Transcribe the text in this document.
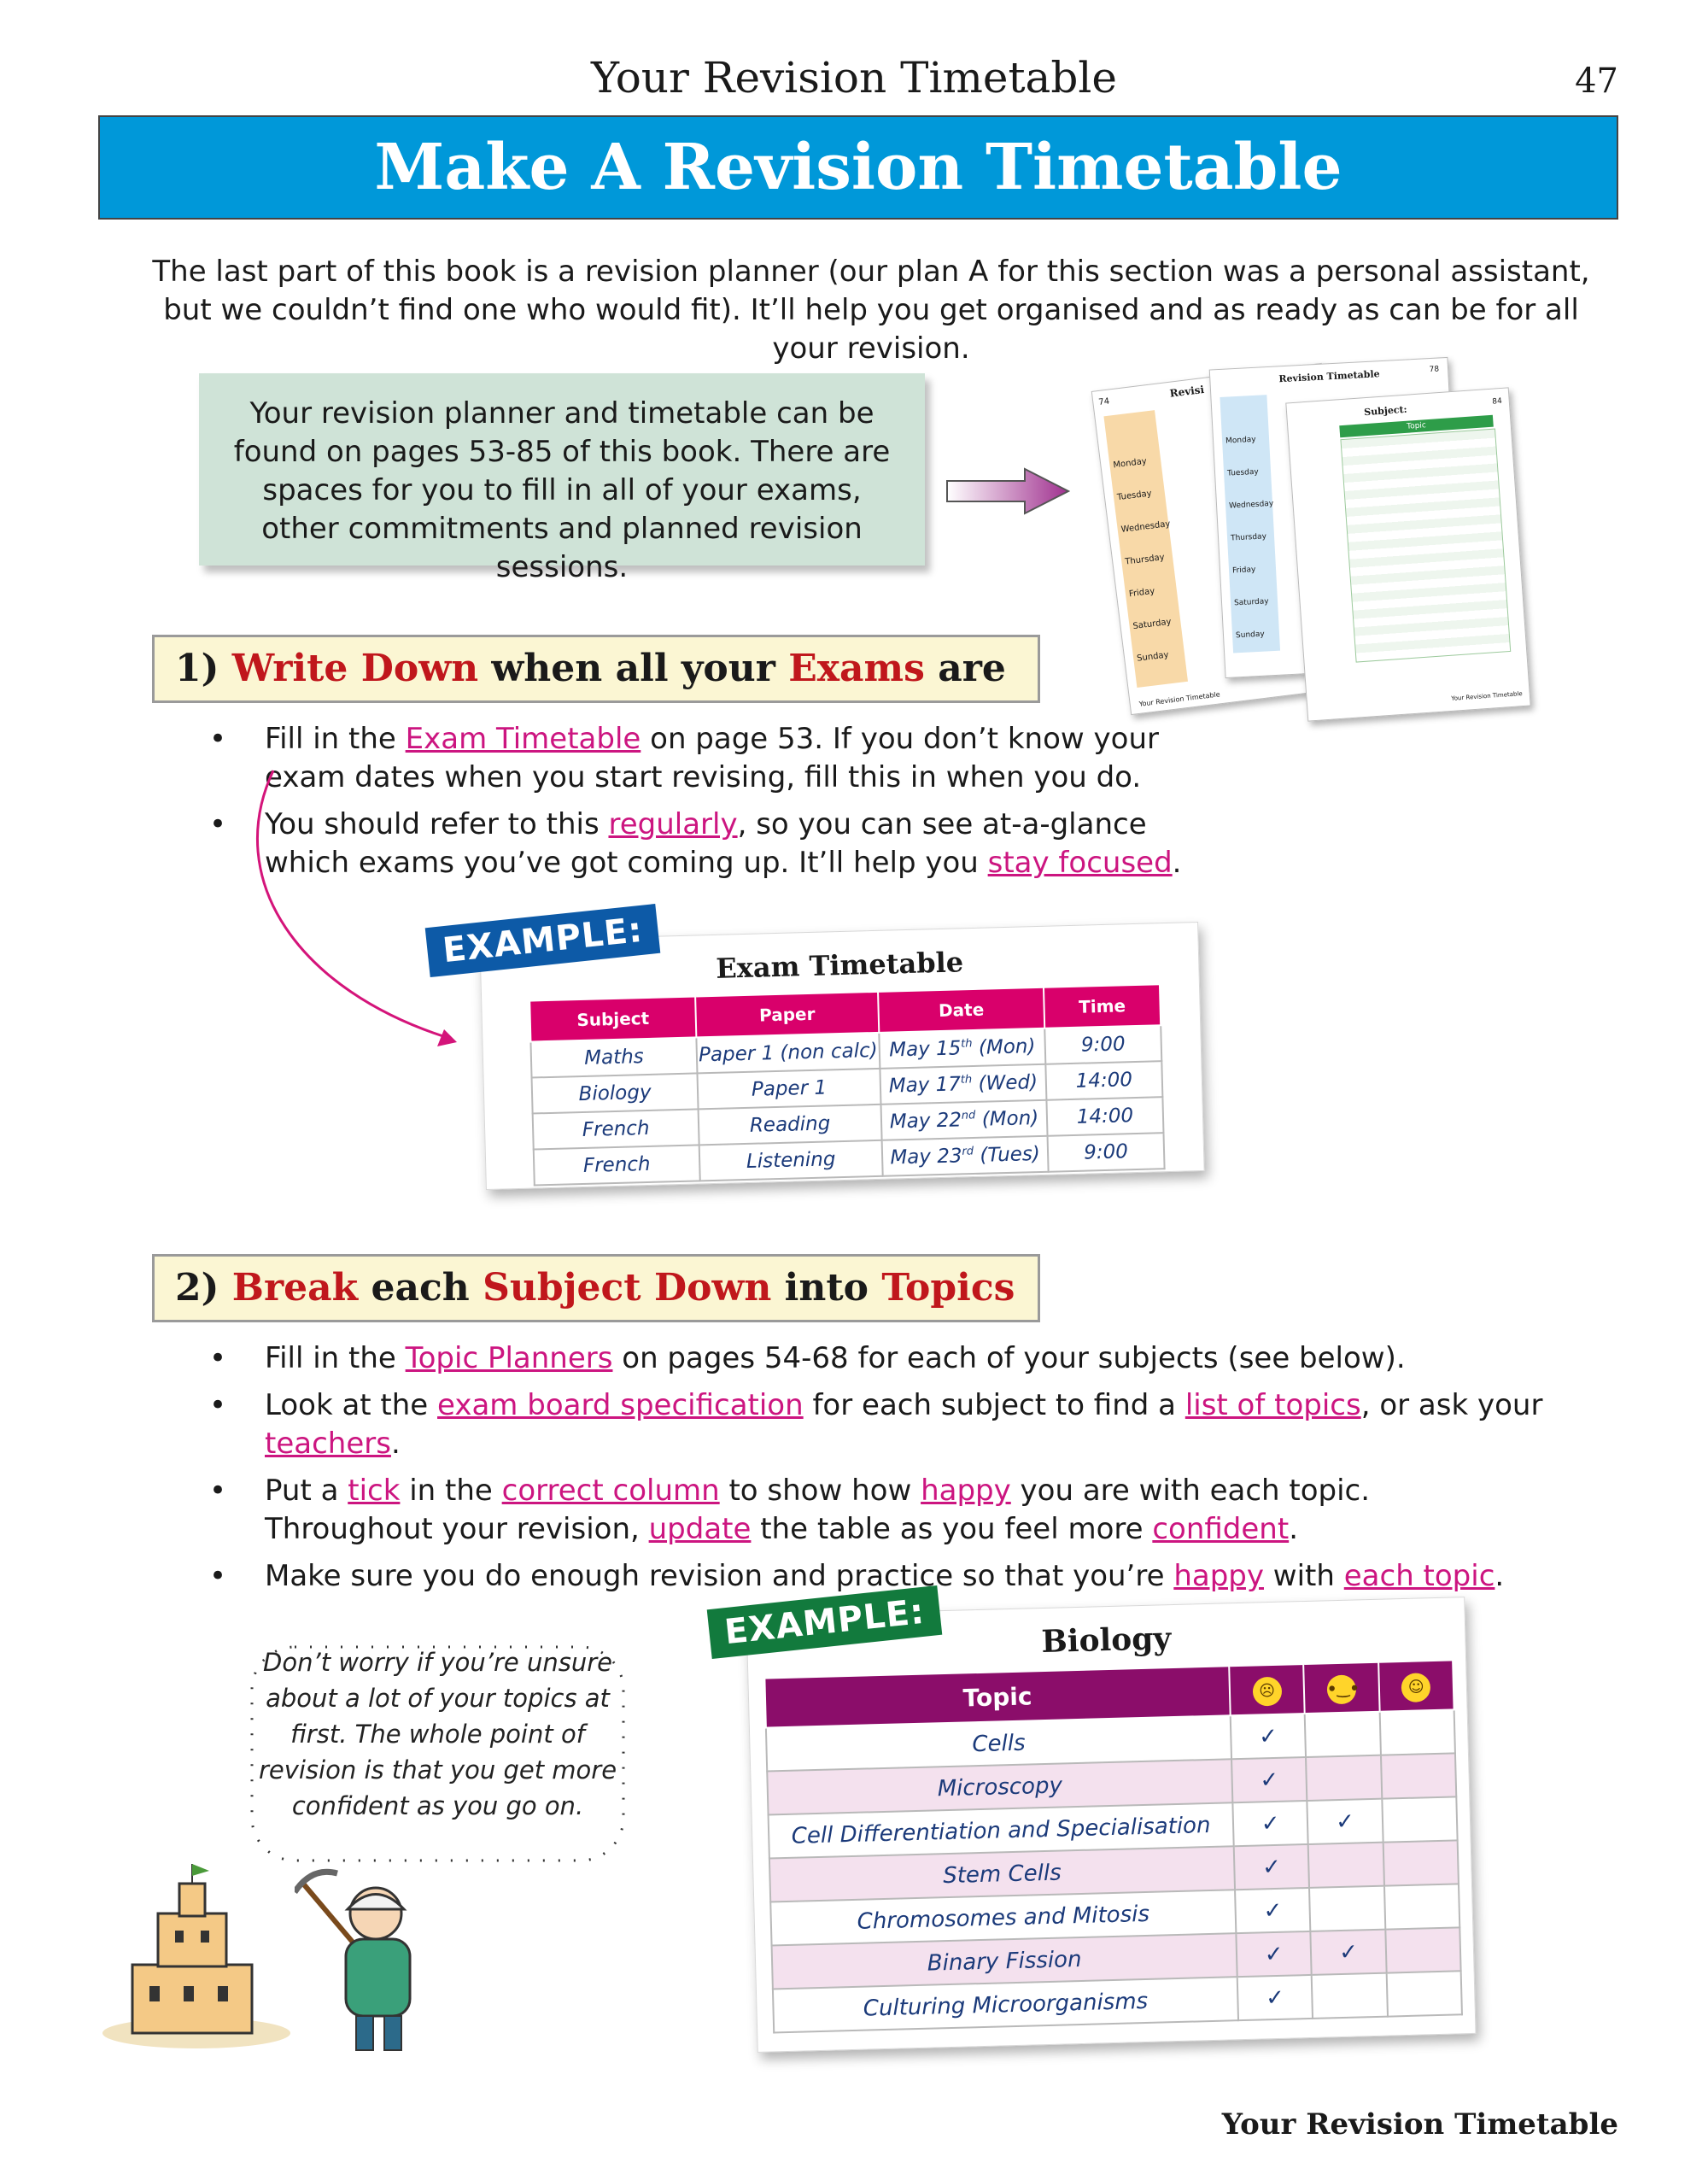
Your Revision Timetable	47
Make A Revision Timetable
The last part of this book is a revision planner (our plan A for this section was a personal assistant, but we couldn’t find one who would fit). It’ll help you get organised and as ready as can be for all your revision.
Your revision planner and timetable can be found on pages 53-85 of this book. There are spaces for you to fill in all of your exams, other commitments and planned revision sessions.
74
Revisi
Monday
Tuesday
Wednesday
Thursday
Friday
Saturday
Sunday
Your Revision Timetable
Revision Timetable	78
Monday
Tuesday
Wednesday
Thursday
Friday
Saturday
Sunday
Subject:
84
Topic
Your Revision Timetable
1) Write Down when all your Exams are
• Fill in the Exam Timetable on page 53. If you don’t know your exam dates when you start revising, fill this in when you do.
• You should refer to this regularly, so you can see at-a-glance which exams you’ve got coming up. It’ll help you stay focused.
Exam Timetable
Subject	Paper	Date	Time
Maths	Paper 1 (non calc)	May 15th (Mon)	9:00
Biology	Paper 1	May 17th (Wed)	14:00
French	Reading	May 22nd (Mon)	14:00
French	Listening	May 23rd (Tues)	9:00
EXAMPLE:
2) Break each Subject Down into Topics
• Fill in the Topic Planners on pages 54-68 for each of your subjects (see below).
• Look at the exam board specification for each subject to find a list of topics, or ask your teachers.
• Put a tick in the correct column to show how happy you are with each topic.
Throughout your revision, update the table as you feel more confident.
• Make sure you do enough revision and practice so that you’re happy with each topic.
Biology
Topic	☹	•‿•	☺
Cells	✓		
Microscopy	✓		
Cell Differentiation and Specialisation	✓	✓	
Stem Cells	✓		
Chromosomes and Mitosis	✓		
Binary Fission	✓	✓	
Culturing Microorganisms	✓		
EXAMPLE:
Don’t worry if you’re unsure about a lot of your topics at first. The whole point of revision is that you get more confident as you go on.
Your Revision Timetable
